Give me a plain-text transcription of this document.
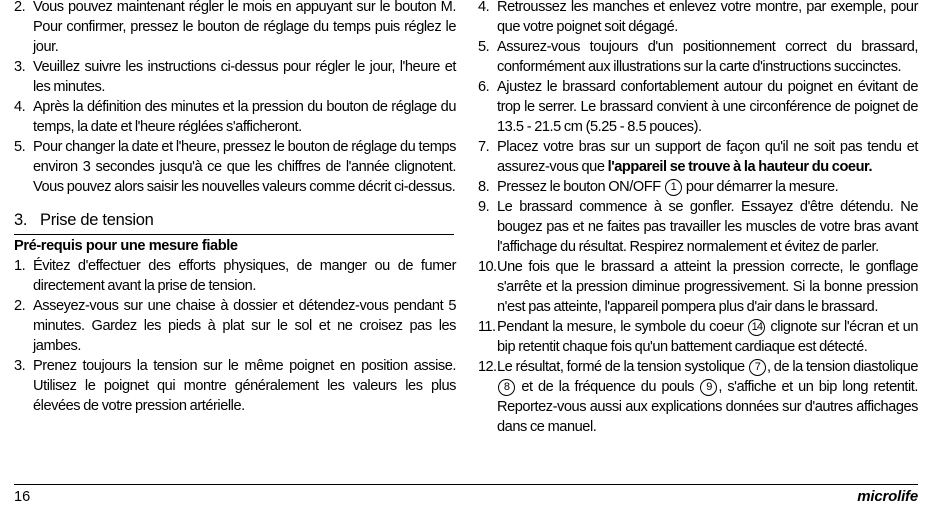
2. Vous pouvez maintenant régler le mois en appuyant sur le bouton M. Pour confirmer, pressez le bouton de réglage du temps puis réglez le jour.
3. Veuillez suivre les instructions ci-dessus pour régler le jour, l'heure et les minutes.
4. Après la définition des minutes et la pression du bouton de réglage du temps, la date et l'heure réglées s'afficheront.
5. Pour changer la date et l'heure, pressez le bouton de réglage du temps environ 3 secondes jusqu'à ce que les chiffres de l'année clignotent. Vous pouvez alors saisir les nouvelles valeurs comme décrit ci-dessus.
3. Prise de tension
Pré-requis pour une mesure fiable
1. Évitez d'effectuer des efforts physiques, de manger ou de fumer directement avant la prise de tension.
2. Asseyez-vous sur une chaise à dossier et détendez-vous pendant 5 minutes. Gardez les pieds à plat sur le sol et ne croisez pas les jambes.
3. Prenez toujours la tension sur le même poignet en position assise. Utilisez le poignet qui montre généralement les valeurs les plus élevées de votre pression artérielle.
4. Retroussez les manches et enlevez votre montre, par exemple, pour que votre poignet soit dégagé.
5. Assurez-vous toujours d'un positionnement correct du brassard, conformément aux illustrations sur la carte d'instructions succinctes.
6. Ajustez le brassard confortablement autour du poignet en évitant de trop le serrer. Le brassard convient à une circonférence de poignet de 13.5 - 21.5 cm (5.25 - 8.5 pouces).
7. Placez votre bras sur un support de façon qu'il ne soit pas tendu et assurez-vous que l'appareil se trouve à la hauteur du coeur.
8. Pressez le bouton ON/OFF 1 pour démarrer la mesure.
9. Le brassard commence à se gonfler. Essayez d'être détendu. Ne bougez pas et ne faites pas travailler les muscles de votre bras avant l'affichage du résultat. Respirez normalement et évitez de parler.
10. Une fois que le brassard a atteint la pression correcte, le gonflage s'arrête et la pression diminue progressivement. Si la bonne pression n'est pas atteinte, l'appareil pompera plus d'air dans le brassard.
11. Pendant la mesure, le symbole du coeur 14 clignote sur l'écran et un bip retentit chaque fois qu'un battement cardiaque est détecté.
12. Le résultat, formé de la tension systolique 7 , de la tension diastolique 8 et de la fréquence du pouls 9 , s'affiche et un bip long retentit. Reportez-vous aussi aux explications données sur d'autres affichages dans ce manuel.
16	microlife
